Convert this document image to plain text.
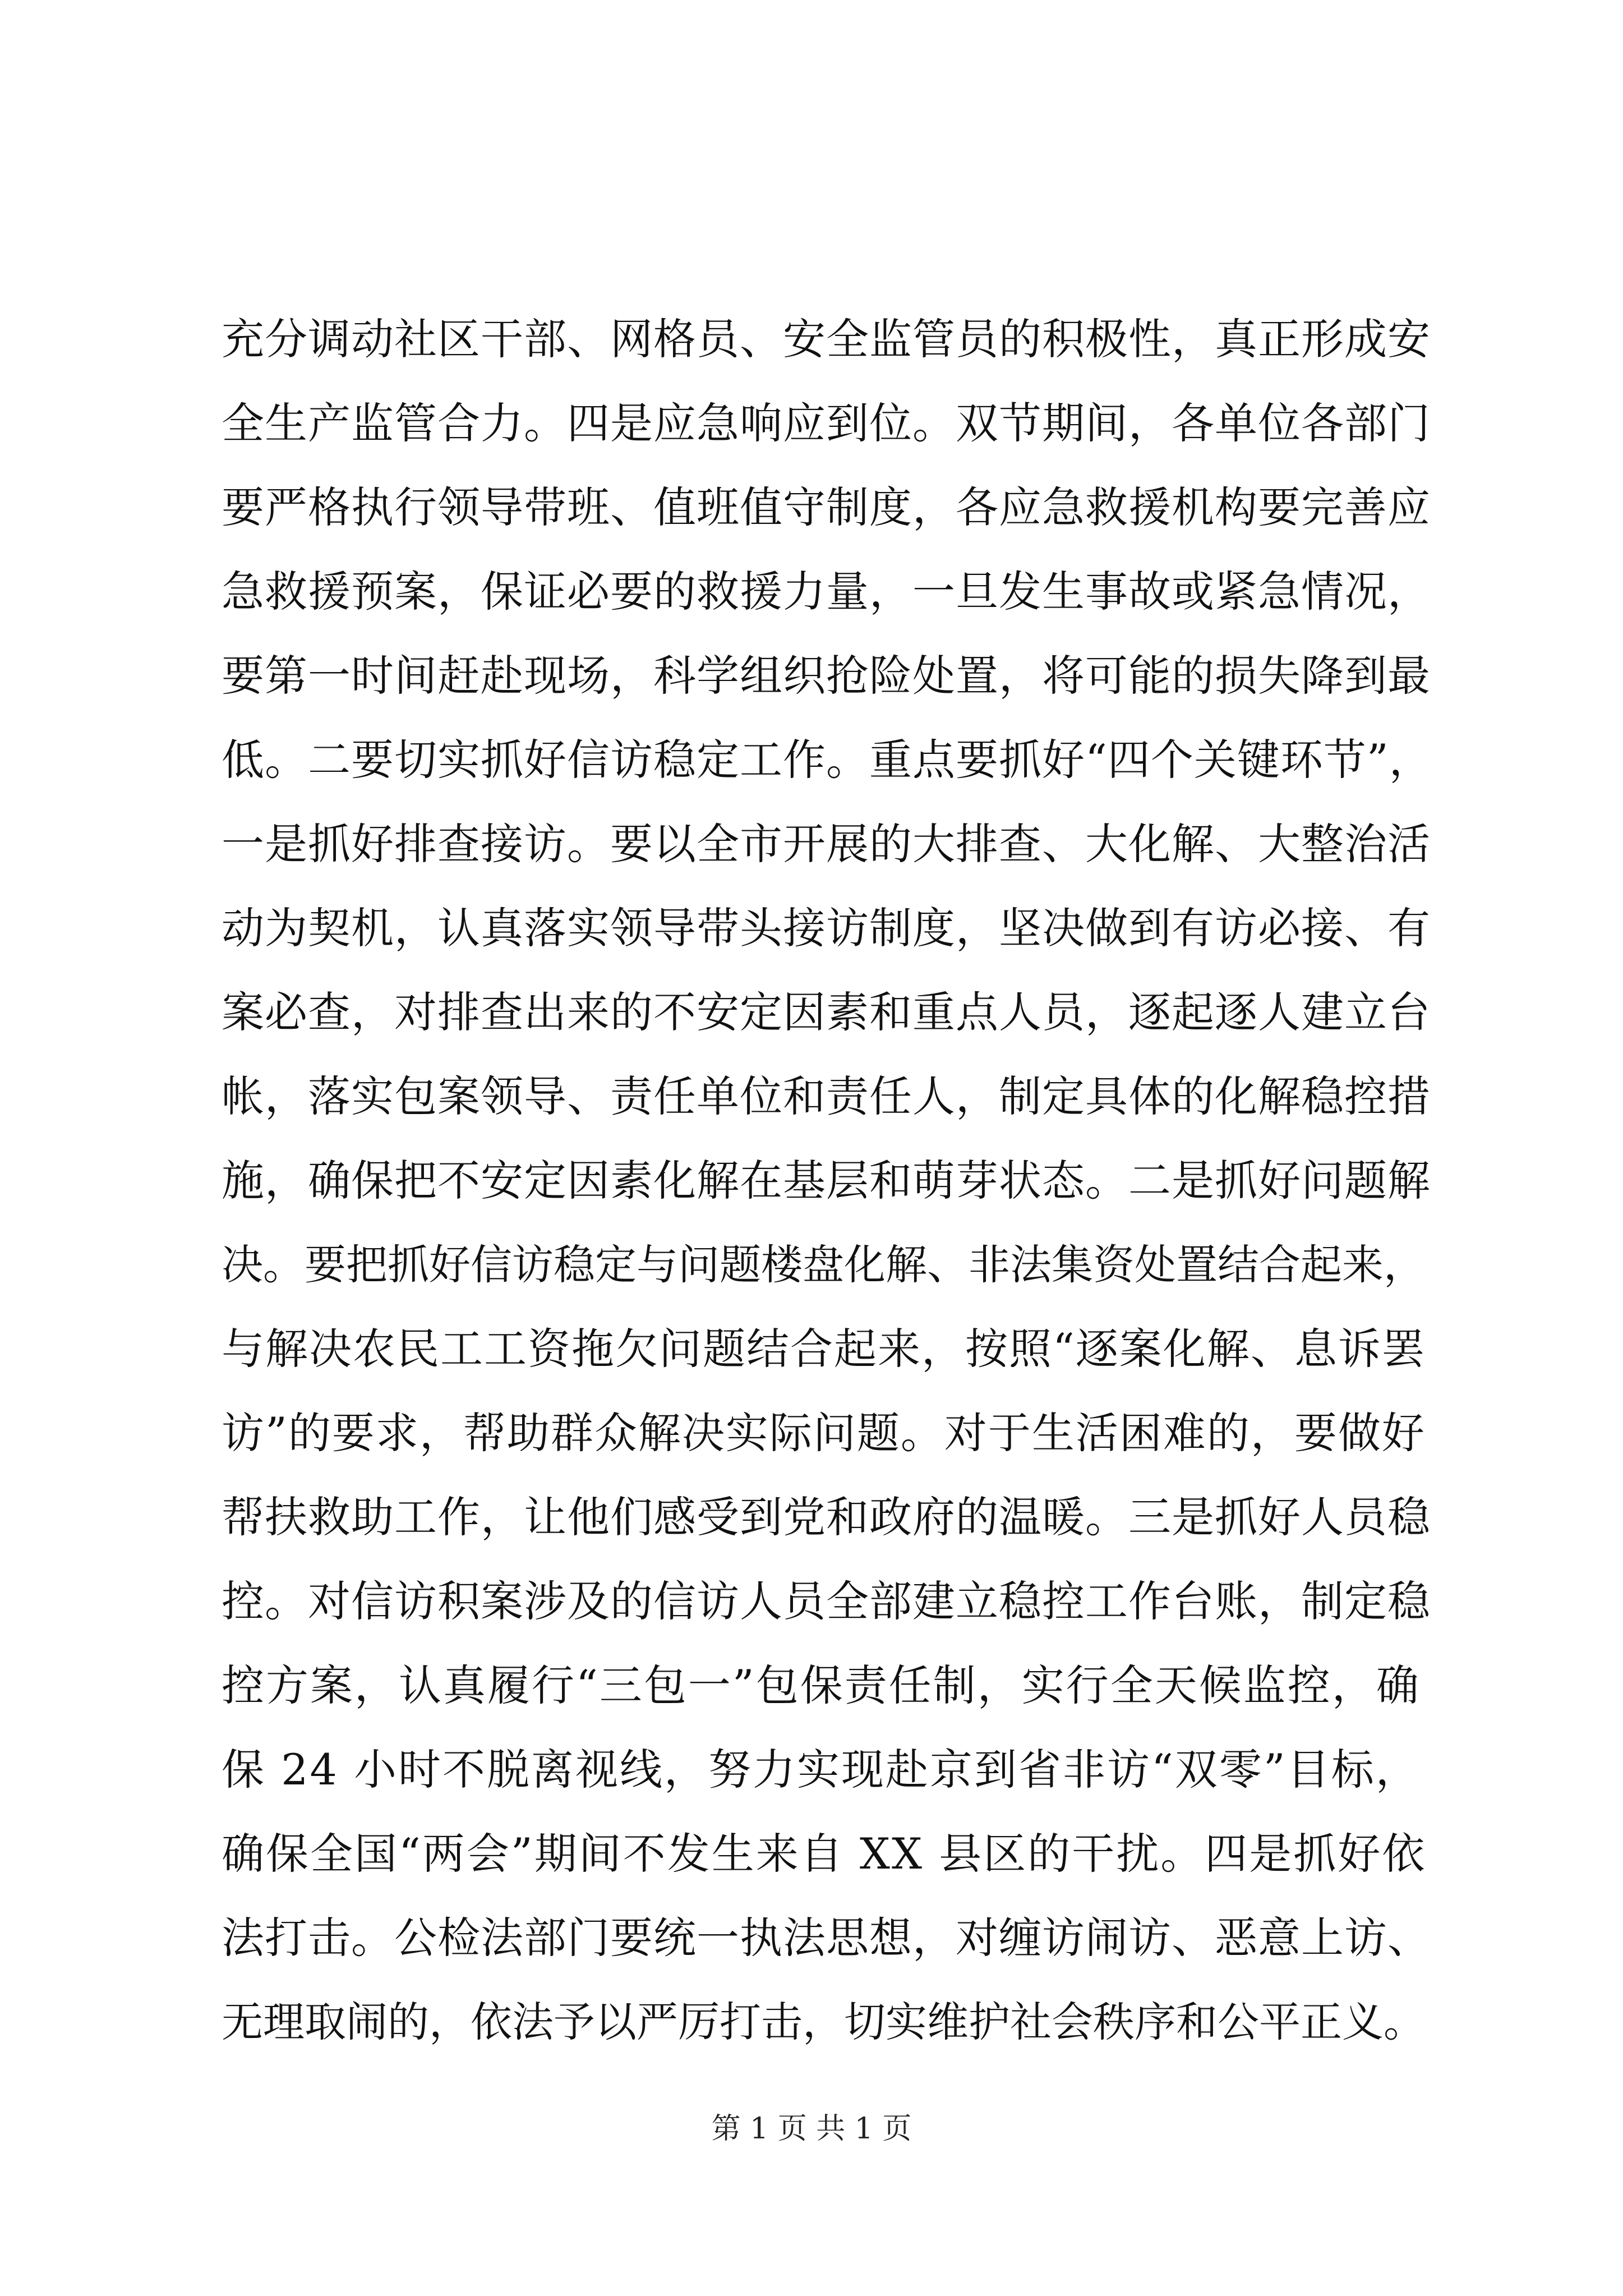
充分调动社区干部、网格员、安全监管员的积极性，真正形成安
全生产监管合力。四是应急响应到位。双节期间，各单位各部门
要严格执行领导带班、值班值守制度，各应急救援机构要完善应
急救援预案，保证必要的救援力量，一旦发生事故或紧急情况，
要第一时间赶赴现场，科学组织抢险处置，将可能的损失降到最
低。二要切实抓好信访稳定工作。重点要抓好“四个关键环节”，
一是抓好排查接访。要以全市开展的大排查、大化解、大整治活
动为契机，认真落实领导带头接访制度，坚决做到有访必接、有
案必查，对排查出来的不安定因素和重点人员，逐起逐人建立台
帐，落实包案领导、责任单位和责任人，制定具体的化解稳控措
施，确保把不安定因素化解在基层和萌芽状态。二是抓好问题解
决。要把抓好信访稳定与问题楼盘化解、非法集资处置结合起来，
与解决农民工工资拖欠问题结合起来，按照“逐案化解、息诉罢
访”的要求，帮助群众解决实际问题。对于生活困难的，要做好
帮扶救助工作，让他们感受到党和政府的温暖。三是抓好人员稳
控。对信访积案涉及的信访人员全部建立稳控工作台账，制定稳
控方案，认真履行“三包一”包保责任制，实行全天候监控，确
保 24 小时不脱离视线，努力实现赴京到省非访“双零”目标，
确保全国“两会”期间不发生来自 XX 县区的干扰。四是抓好依
法打击。公检法部门要统一执法思想，对缠访闹访、恶意上访、
无理取闹的，依法予以严厉打击，切实维护社会秩序和公平正义。
第 1 页 共 1 页
